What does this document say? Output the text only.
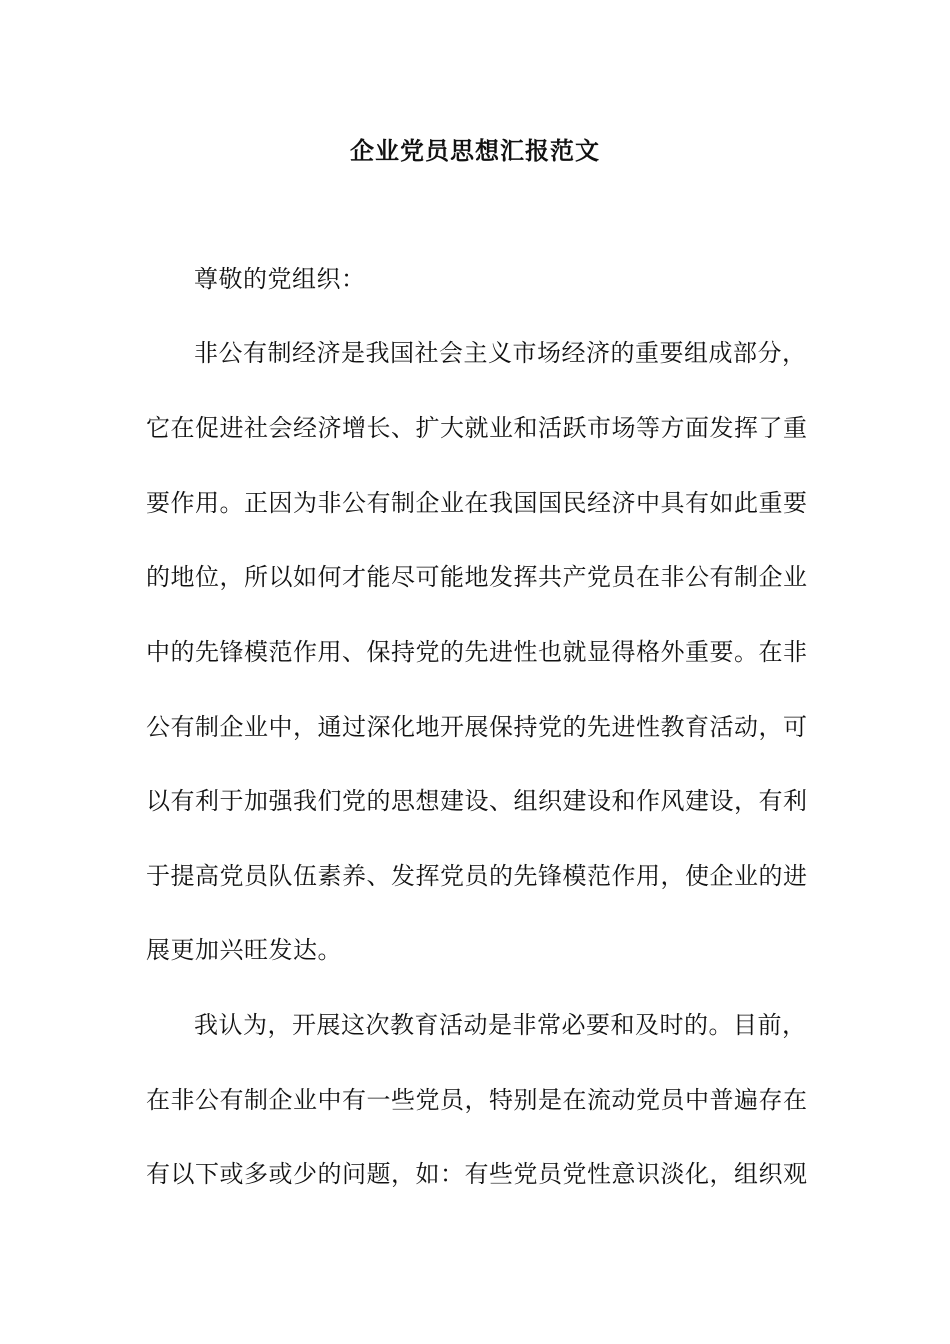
企业党员思想汇报范文
尊敬的党组织：
非公有制经济是我国社会主义市场经济的重要组成部分，
它在促进社会经济增长、扩大就业和活跃市场等方面发挥了重
要作用。正因为非公有制企业在我国国民经济中具有如此重要
的地位，所以如何才能尽可能地发挥共产党员在非公有制企业
中的先锋模范作用、保持党的先进性也就显得格外重要。在非
公有制企业中，通过深化地开展保持党的先进性教育活动，可
以有利于加强我们党的思想建设、组织建设和作风建设，有利
于提高党员队伍素养、发挥党员的先锋模范作用，使企业的进
展更加兴旺发达。
我认为，开展这次教育活动是非常必要和及时的。目前，
在非公有制企业中有一些党员，特别是在流动党员中普遍存在
有以下或多或少的问题，如：有些党员党性意识淡化，组织观
